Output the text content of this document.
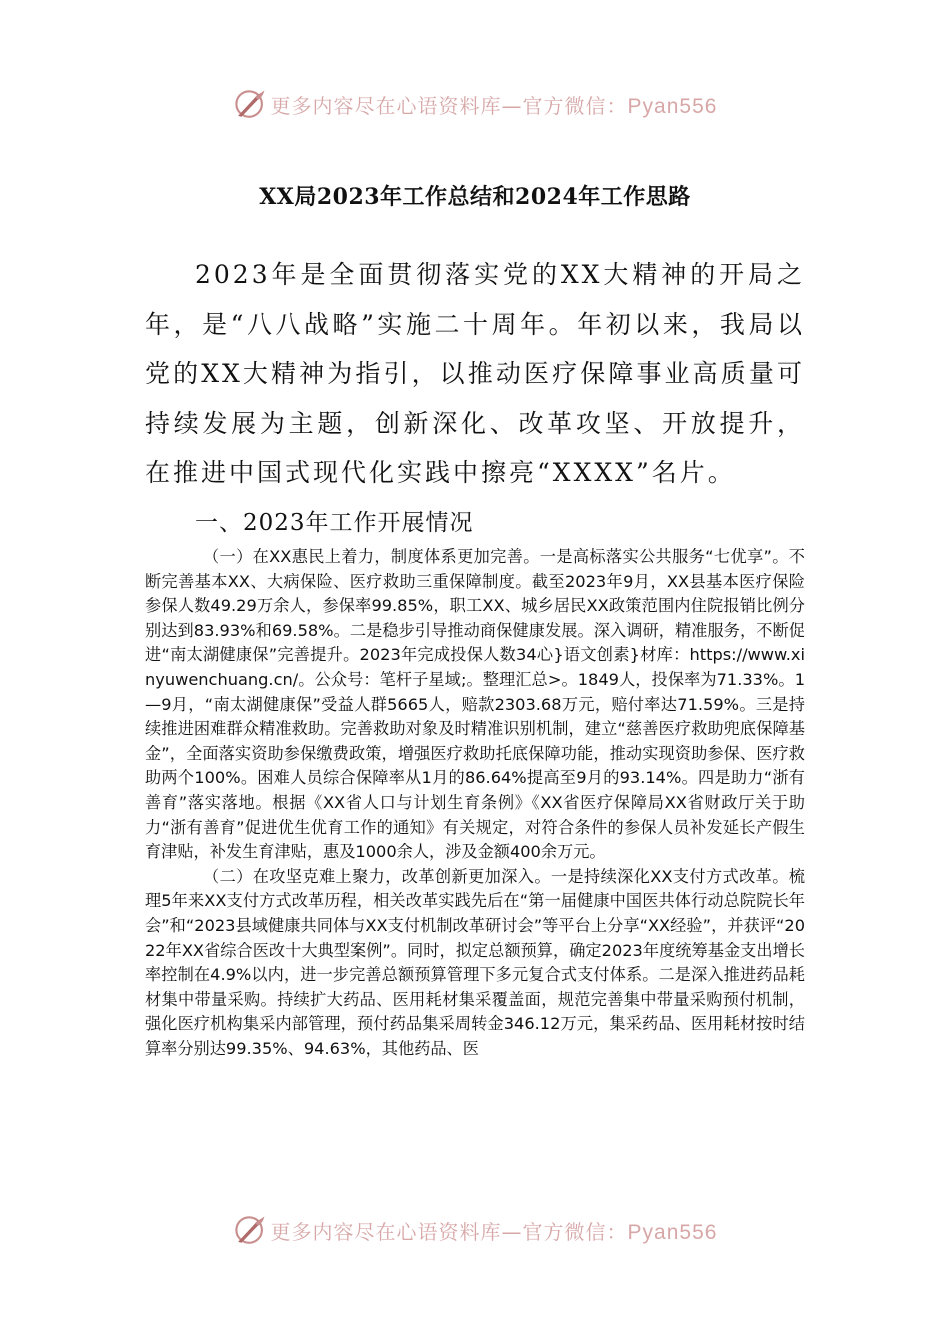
更多内容尽在心语资料库—官方微信：Pyan556
XX局2023年工作总结和2024年工作思路

2023年是全面贯彻落实党的XX大精神的开局之年，是“八八战略”实施二十周年。年初以来，我局以党的XX大精神为指引，以推动医疗保障事业高质量可持续发展为主题，创新深化、改革攻坚、开放提升，在推进中国式现代化实践中擦亮“XXXX”名片。

一、2023年工作开展情况

（一）在XX惠民上着力，制度体系更加完善。一是高标落实公共服务“七优享”。不断完善基本XX、大病保险、医疗救助三重保障制度。截至2023年9月，XX县基本医疗保险参保人数49.29万余人，参保率99.85%，职工XX、城乡居民XX政策范围内住院报销比例分别达到83.93%和69.58%。二是稳步引导推动商保健康发展。深入调研，精准服务，不断促进“南太湖健康保”完善提升。2023年完成投保人数34心}语文创素}材库：https://www.xinyuwenchuang.cn/。公众号：笔杆子星域;。整理汇总>。1849人，投保率为71.33%。1—9月，“南太湖健康保”受益人群5665人，赔款2303.68万元，赔付率达71.59%。三是持续推进困难群众精准救助。完善救助对象及时精准识别机制，建立“慈善医疗救助兜底保障基金”，全面落实资助参保缴费政策，增强医疗救助托底保障功能，推动实现资助参保、医疗救助两个100%。困难人员综合保障率从1月的86.64%提高至9月的93.14%。四是助力“浙有善育”落实落地。根据《XX省人口与计划生育条例》《XX省医疗保障局XX省财政厅关于助力“浙有善育”促进优生优育工作的通知》有关规定，对符合条件的参保人员补发延长产假生育津贴，补发生育津贴，惠及1000余人，涉及金额400余万元。

（二）在攻坚克难上聚力，改革创新更加深入。一是持续深化XX支付方式改革。梳理5年来XX支付方式改革历程，相关改革实践先后在“第一届健康中国医共体行动总院院长年会”和“2023县域健康共同体与XX支付机制改革研讨会”等平台上分享“XX经验”，并获评“2022年XX省综合医改十大典型案例”。同时，拟定总额预算，确定2023年度统筹基金支出增长率控制在4.9%以内，进一步完善总额预算管理下多元复合式支付体系。二是深入推进药品耗材集中带量采购。持续扩大药品、医用耗材集采覆盖面，规范完善集中带量采购预付机制，强化医疗机构集采内部管理，预付药品集采周转金346.12万元，集采药品、医用耗材按时结算率分别达99.35%、94.63%，其他药品、医

更多内容尽在心语资料库—官方微信：Pyan556
